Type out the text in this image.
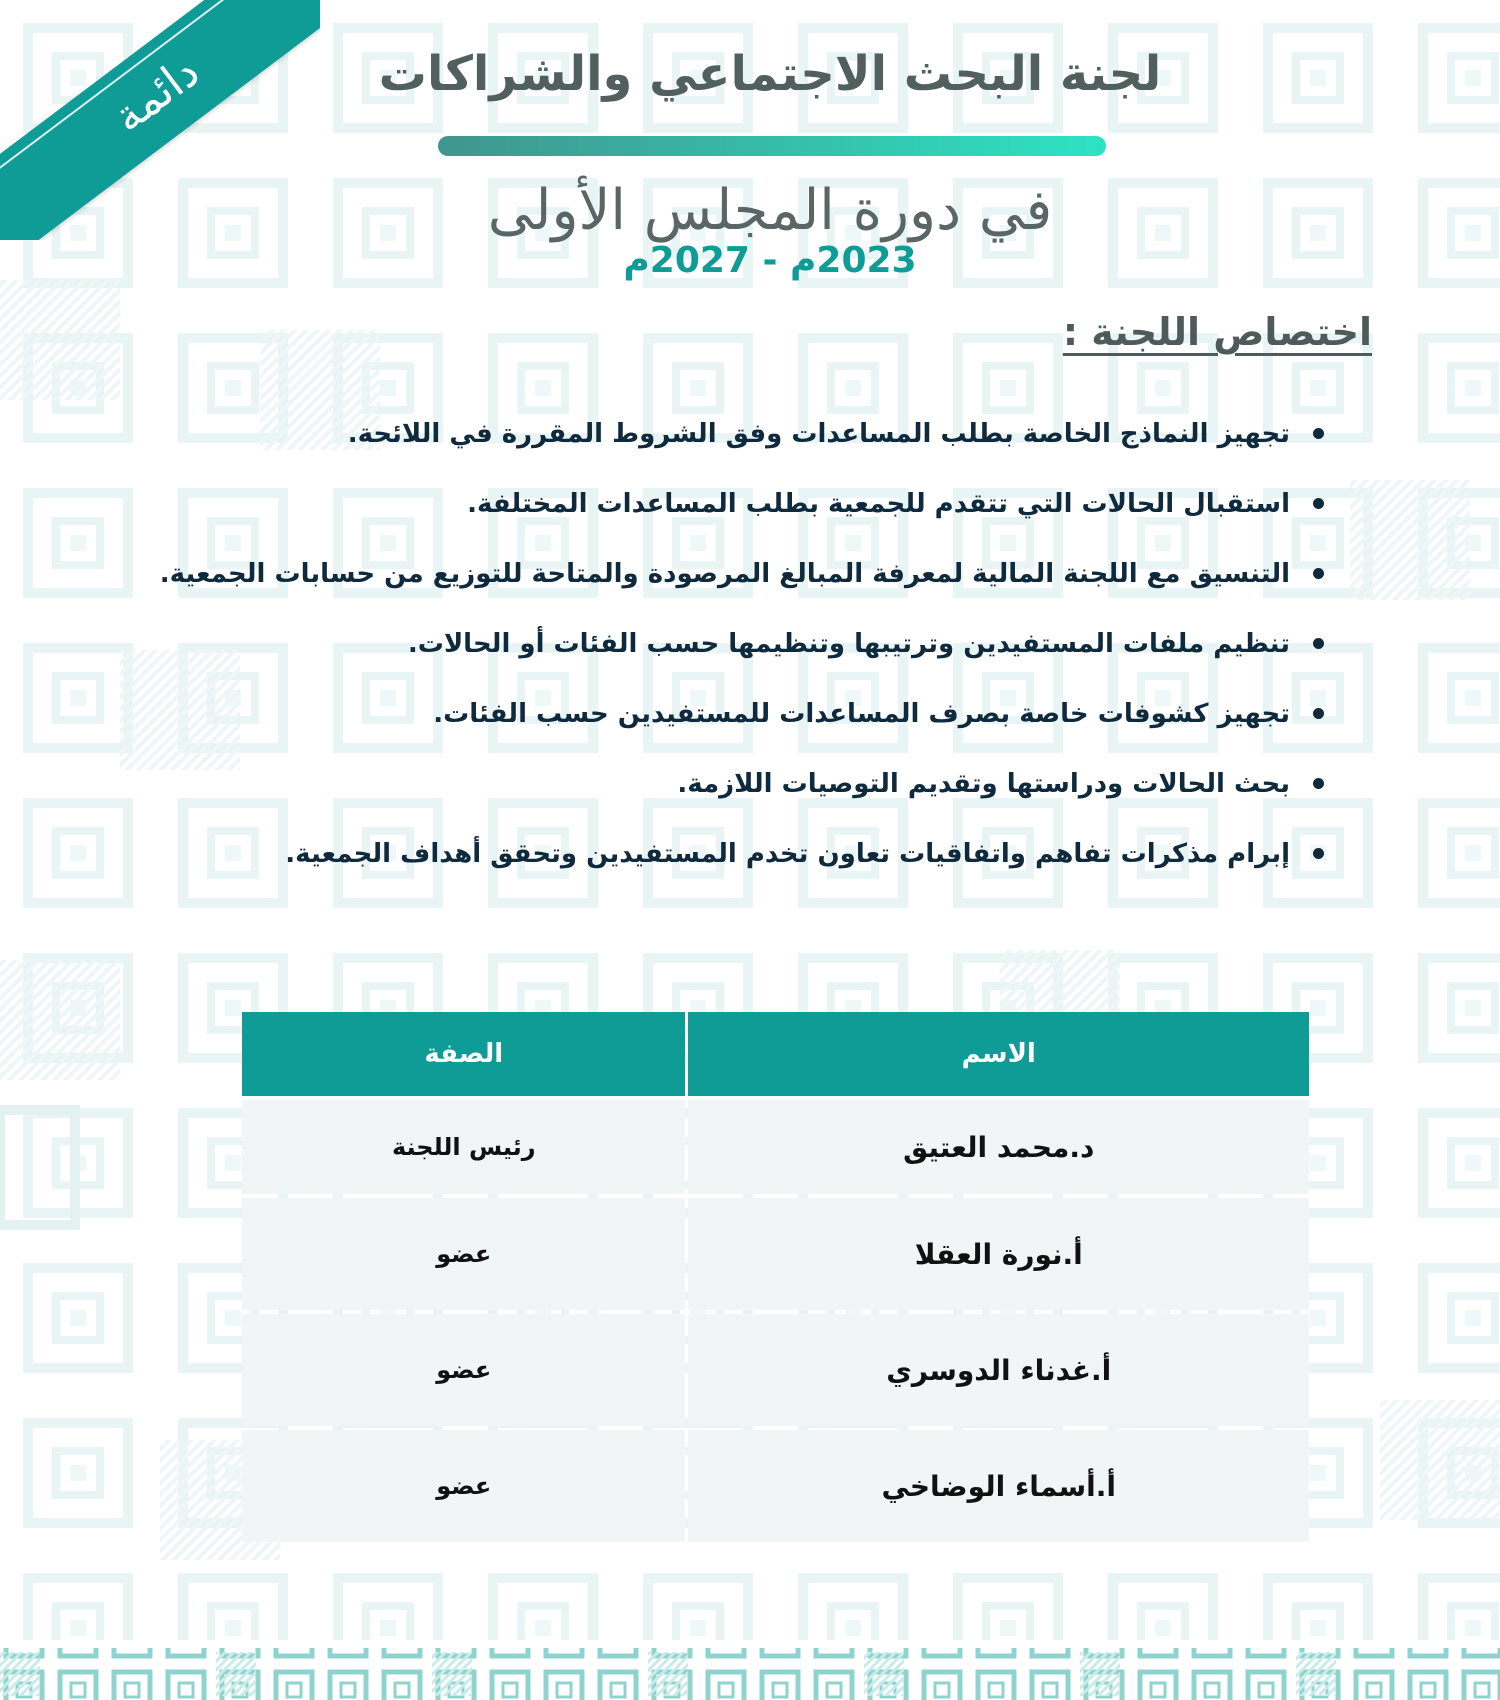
دائمة	لجنة البحث الاجتماعي والشراكات
في دورة المجلس الأولى
2023م - 2027م
اختصاص اللجنة :
تجهيز النماذج الخاصة بطلب المساعدات وفق الشروط المقررة في اللائحة.
استقبال الحالات التي تتقدم للجمعية بطلب المساعدات المختلفة.
التنسيق مع اللجنة المالية لمعرفة المبالغ المرصودة والمتاحة للتوزيع من حسابات الجمعية.
تنظيم ملفات المستفيدين وترتيبها وتنظيمها حسب الفئات أو الحالات.
تجهيز كشوفات خاصة بصرف المساعدات للمستفيدين حسب الفئات.
بحث الحالات ودراستها وتقديم التوصيات اللازمة.
إبرام مذكرات تفاهم واتفاقيات تعاون تخدم المستفيدين وتحقق أهداف الجمعية.
الاسم	الصفة
د.محمد العتيق	رئيس اللجنة
أ.نورة العقلا	عضو
أ.غدناء الدوسري	عضو
أ.أسماء الوضاخي	عضو
